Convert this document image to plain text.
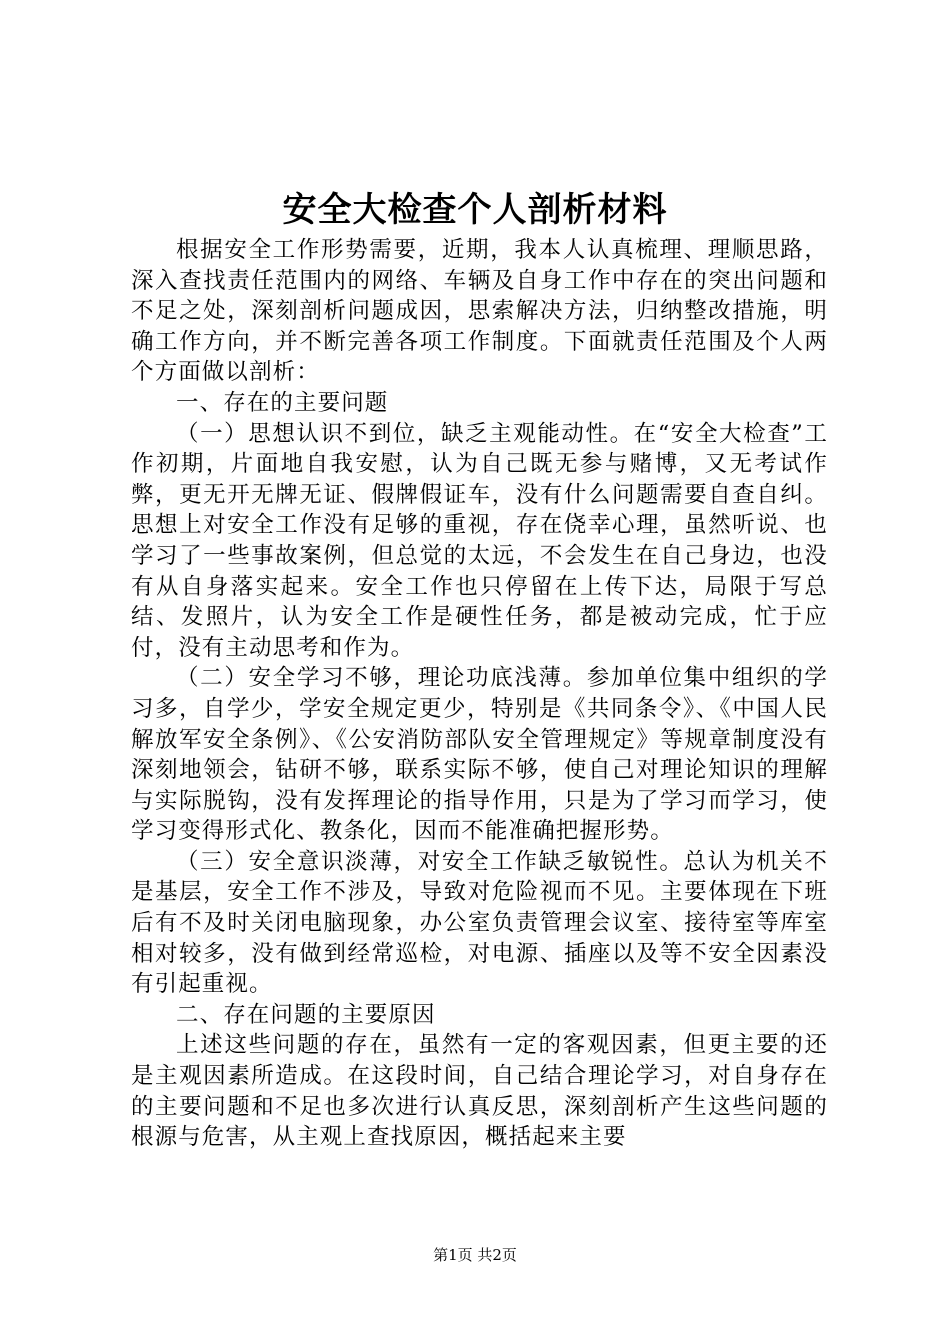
安全大检查个人剖析材料

根据安全工作形势需要，近期，我本人认真梳理、理顺思路，深入查找责任范围内的网络、车辆及自身工作中存在的突出问题和不足之处，深刻剖析问题成因，思索解决方法，归纳整改措施，明确工作方向，并不断完善各项工作制度。下面就责任范围及个人两个方面做以剖析：

一、存在的主要问题

（一）思想认识不到位，缺乏主观能动性。在“安全大检查”工作初期，片面地自我安慰，认为自己既无参与赌博，又无考试作弊，更无开无牌无证、假牌假证车，没有什么问题需要自查自纠。思想上对安全工作没有足够的重视，存在侥幸心理，虽然听说、也学习了一些事故案例，但总觉的太远，不会发生在自己身边，也没有从自身落实起来。安全工作也只停留在上传下达，局限于写总结、发照片，认为安全工作是硬性任务，都是被动完成，忙于应付，没有主动思考和作为。

（二）安全学习不够，理论功底浅薄。参加单位集中组织的学习多，自学少，学安全规定更少，特别是《共同条令》、《中国人民解放军安全条例》、《公安消防部队安全管理规定》等规章制度没有深刻地领会，钻研不够，联系实际不够，使自己对理论知识的理解与实际脱钩，没有发挥理论的指导作用，只是为了学习而学习，使学习变得形式化、教条化，因而不能准确把握形势。

（三）安全意识淡薄，对安全工作缺乏敏锐性。总认为机关不是基层，安全工作不涉及，导致对危险视而不见。主要体现在下班后有不及时关闭电脑现象，办公室负责管理会议室、接待室等库室相对较多，没有做到经常巡检，对电源、插座以及等不安全因素没有引起重视。

二、存在问题的主要原因

上述这些问题的存在，虽然有一定的客观因素，但更主要的还是主观因素所造成。在这段时间，自己结合理论学习，对自身存在的主要问题和不足也多次进行认真反思，深刻剖析产生这些问题的根源与危害，从主观上查找原因，概括起来主要

第1页 共2页
